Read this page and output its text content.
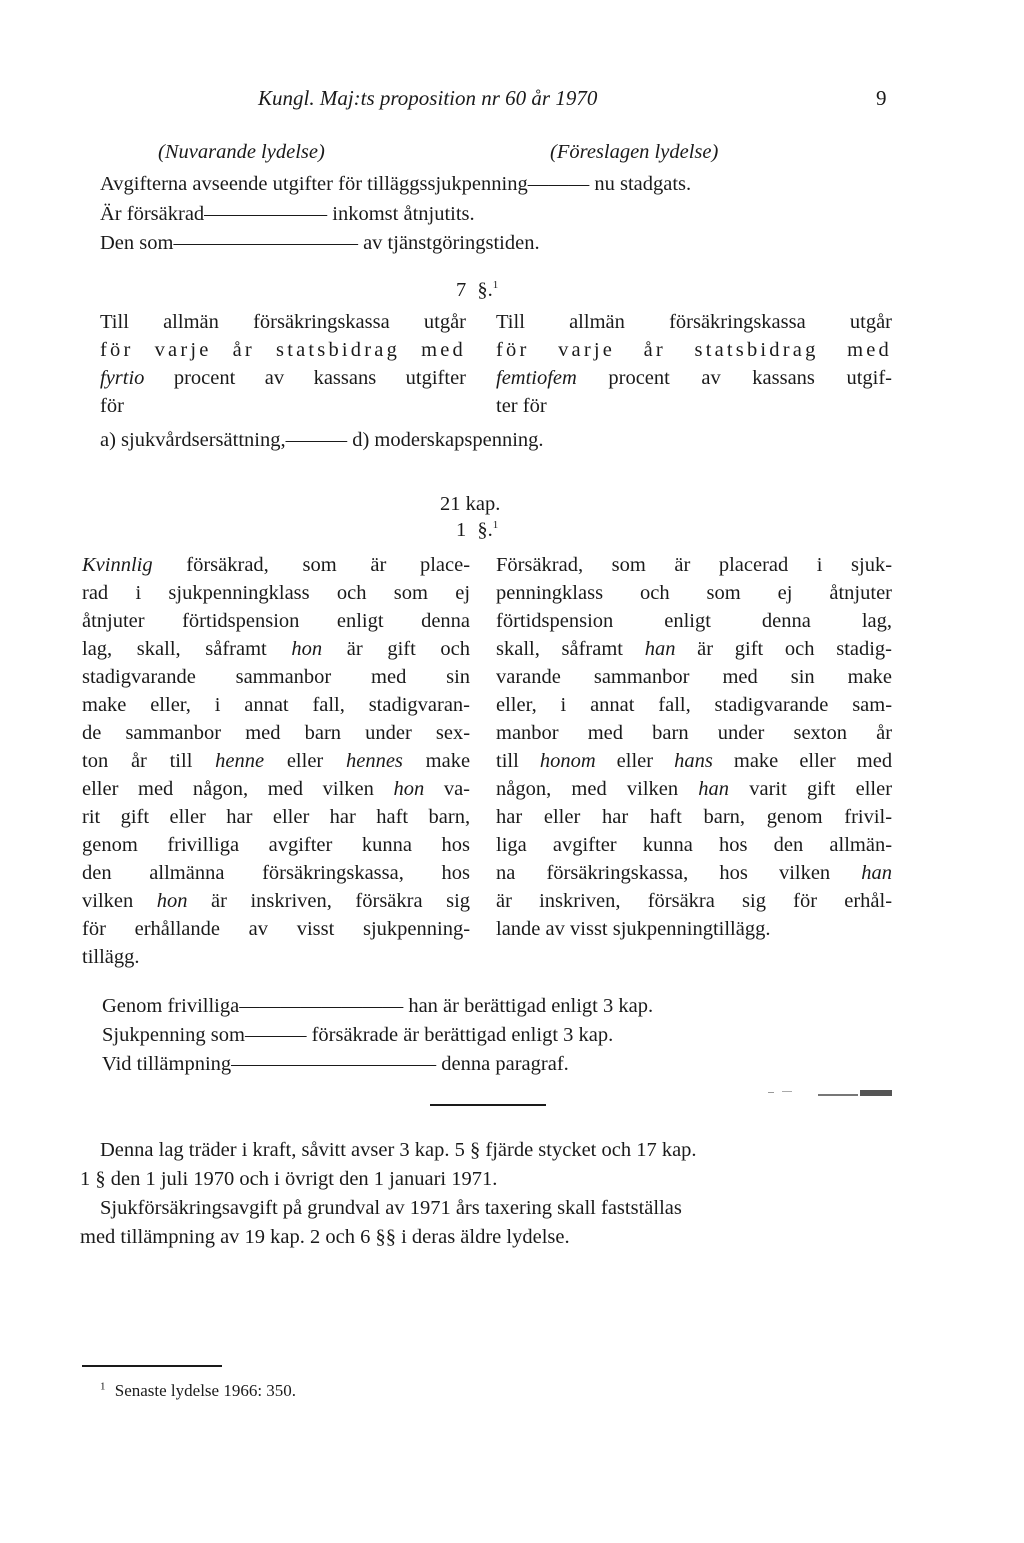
Kungl. Maj:ts proposition nr 60 år 1970	9
(Nuvarande lydelse)	(Föreslagen lydelse)
Avgifterna avseende utgifter för tilläggssjukpenning——— nu stadgats.
Är försäkrad—————— inkomst åtnjutits.
Den som————————— av tjänstgöringstiden.
7 §.$^1$
Till allmän försäkringskassa utgår
för varje år statsbidrag med
fyrtio procent av kassans utgifter
för
Till allmän försäkringskassa utgår
för varje år statsbidrag med
femtiofem procent av kassans utgif-
ter för
a) sjukvårdsersättning,——— d) moderskapspenning.
21 kap.
1 §.$^1$
Kvinnlig försäkrad, som är place-
rad i sjukpenningklass och som ej
åtnjuter förtidspension enligt denna
lag, skall, såframt hon är gift och
stadigvarande sammanbor med sin
make eller, i annat fall, stadigvaran-
de sammanbor med barn under sex-
ton år till henne eller hennes make
eller med någon, med vilken hon va-
rit gift eller har eller har haft barn,
genom frivilliga avgifter kunna hos
den allmänna försäkringskassa, hos
vilken hon är inskriven, försäkra sig
för erhållande av visst sjukpenning-
tillägg.
Försäkrad, som är placerad i sjuk-
penningklass och som ej åtnjuter
förtidspension enligt denna lag,
skall, såframt han är gift och stadig-
varande sammanbor med sin make
eller, i annat fall, stadigvarande sam-
manbor med barn under sexton år
till honom eller hans make eller med
någon, med vilken han varit gift eller
har eller har haft barn, genom frivil-
liga avgifter kunna hos den allmän-
na försäkringskassa, hos vilken han
är inskriven, försäkra sig för erhål-
lande av visst sjukpenningtillägg.
Genom frivilliga———————— han är berättigad enligt 3 kap.
Sjukpenning som——— försäkrade är berättigad enligt 3 kap.
Vid tillämpning—————————— denna paragraf.
Denna lag träder i kraft, såvitt avser 3 kap. 5 § fjärde stycket och 17 kap.
1 § den 1 juli 1970 och i övrigt den 1 januari 1971.
Sjukförsäkringsavgift på grundval av 1971 års taxering skall fastställas
med tillämpning av 19 kap. 2 och 6 §§ i deras äldre lydelse.
$^1$ Senaste lydelse 1966: 350.
